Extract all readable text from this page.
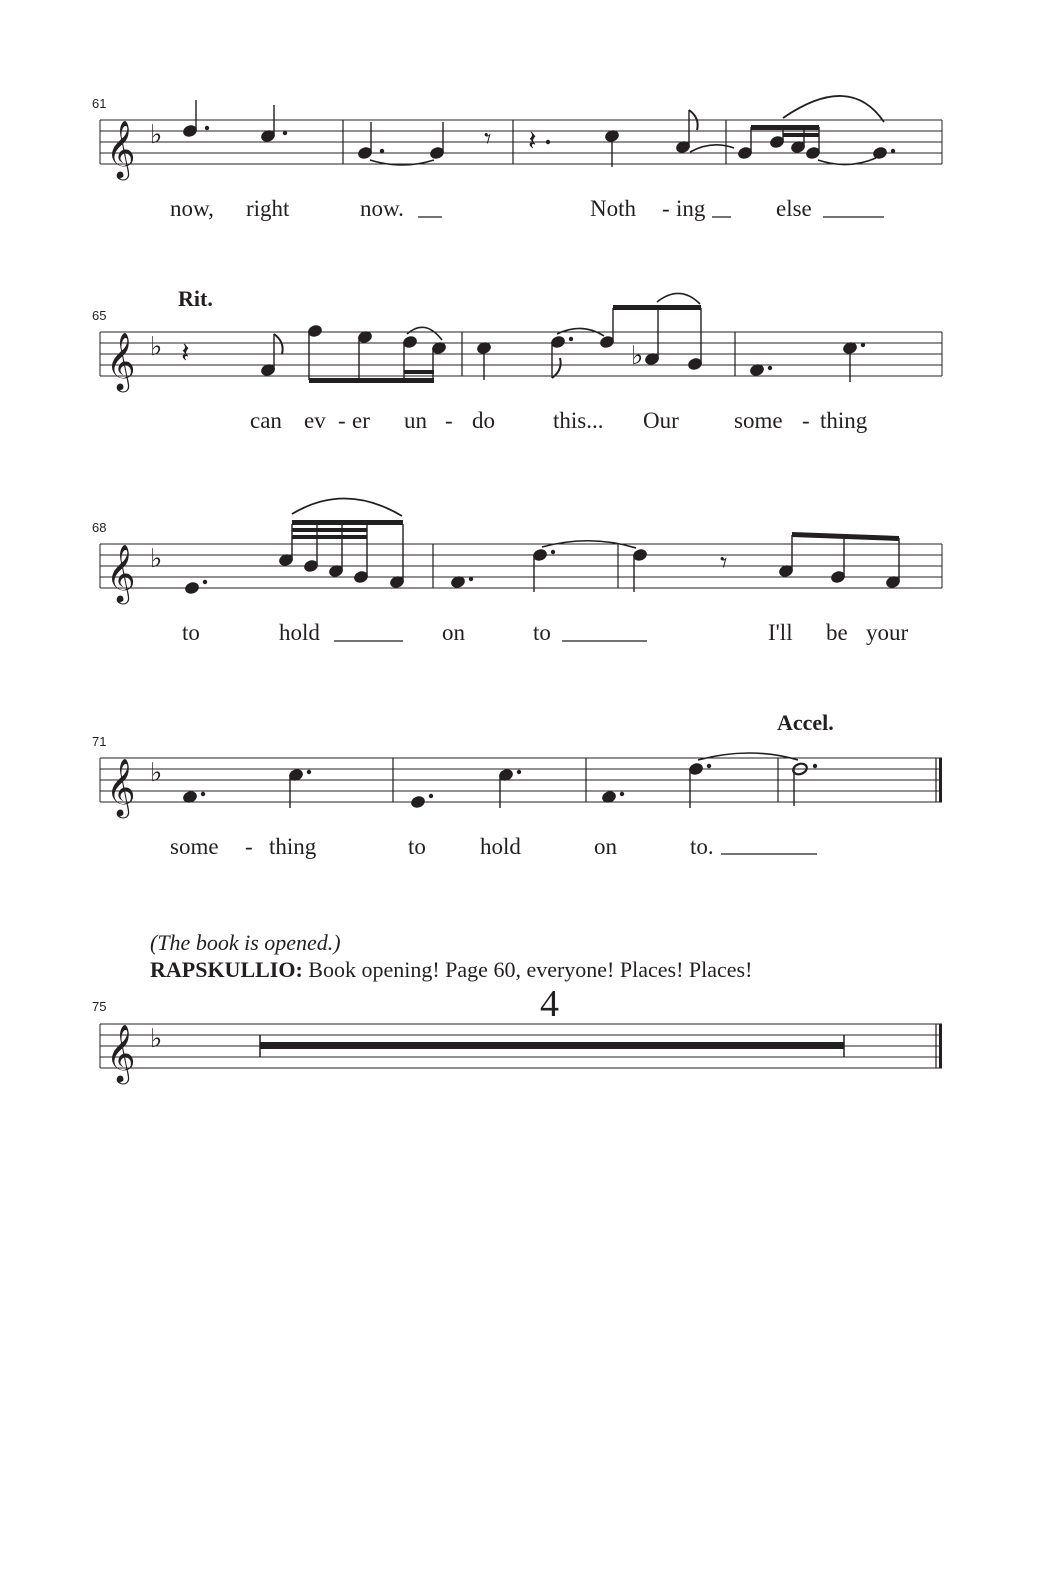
61
𝄞 ♭	𝄾 𝄽
now, right	now.	Noth - ing	else
Rit.
65
𝄞 ♭ 𝄽	♭
can ev - er un - do	this... Our some - thing
68
𝄞 ♭	𝄾
to	hold	on	to	I'll be your
Accel.
71
𝄞 ♭
some - thing	to hold	on	to.
75	4
𝄞 ♭
(The book is opened.)
RAPSKULLIO: Book opening! Page 60, everyone! Places! Places!
